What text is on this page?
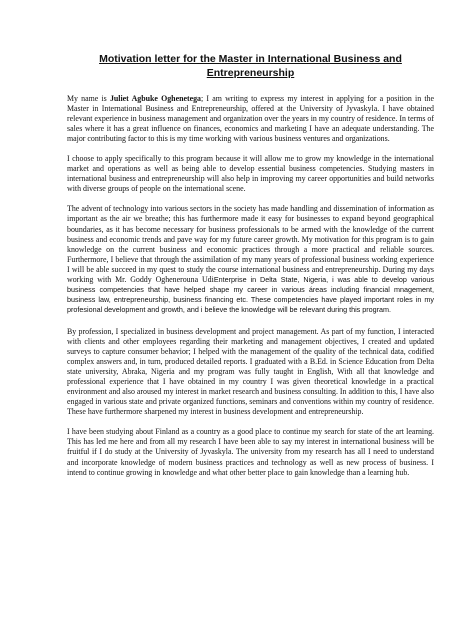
Motivation letter for the Master in International Business and Entrepreneurship

My name is Juliet Agbuke Oghenetega; I am writing to express my interest in applying for a position in the Master in International Business and Entrepreneurship, offered at the University of Jyvaskyla. I have obtained relevant experience in business management and organization over the years in my country of residence. In terms of sales where it has a great influence on finances, economics and marketing I have an adequate understanding. The major contributing factor to this is my time working with various business ventures and organizations.

I choose to apply specifically to this program because it will allow me to grow my knowledge in the international market and operations as well as being able to develop essential business competencies. Studying masters in international business and entrepreneurship will also help in improving my career opportunities and build networks with diverse groups of people on the international scene.

The advent of technology into various sectors in the society has made handling and dissemination of information as important as the air we breathe; this has furthermore made it easy for businesses to expand beyond geographical boundaries, as it has become necessary for business professionals to be armed with the knowledge of the current business and economic trends and pave way for my future career growth. My motivation for this program is to gain knowledge on the current business and economic practices through a more practical and reliable sources. Furthermore, I believe that through the assimilation of my many years of professional business working experience I will be able succeed in my quest to study the course international business and entrepreneurship. During my days working with Mr. Goddy Oghenerouna UdiEnterprise in Delta State, Nigeria, i was able to develop various business competencies that have helped shape my career in various áreas including financial mnagement, business law, entrepreneurship, business financing etc. These competencies have played important roles in my profesional development and growth, and i believe the knowledge will be relevant during this program.

By profession, I specialized in business development and project management. As part of my function, I interacted with clients and other employees regarding their marketing and management objectives, I created and updated surveys to capture consumer behavior; I helped with the management of the quality of the technical data, codified complex answers and, in turn, produced detailed reports. I graduated with a B.Ed. in Science Education from Delta state university, Abraka, Nigeria and my program was fully taught in English, With all that knowledge and professional experience that I have obtained in my country I was given theoretical knowledge in a practical environment and also aroused my interest in market research and business consulting. In addition to this, I have also engaged in various state and private organized functions, seminars and conventions within my country of residence. These have furthermore sharpened my interest in business development and entrepreneurship.

I have been studying about Finland as a country as a good place to continue my search for state of the art learning. This has led me here and from all my research I have been able to say my interest in international business will be fruitful if I do study at the University of Jyvaskyla. The university from my research has all I need to understand and incorporate knowledge of modern business practices and technology as well as new process of business. I intend to continue growing in knowledge and what other better place to gain knowledge than a learning hub.
